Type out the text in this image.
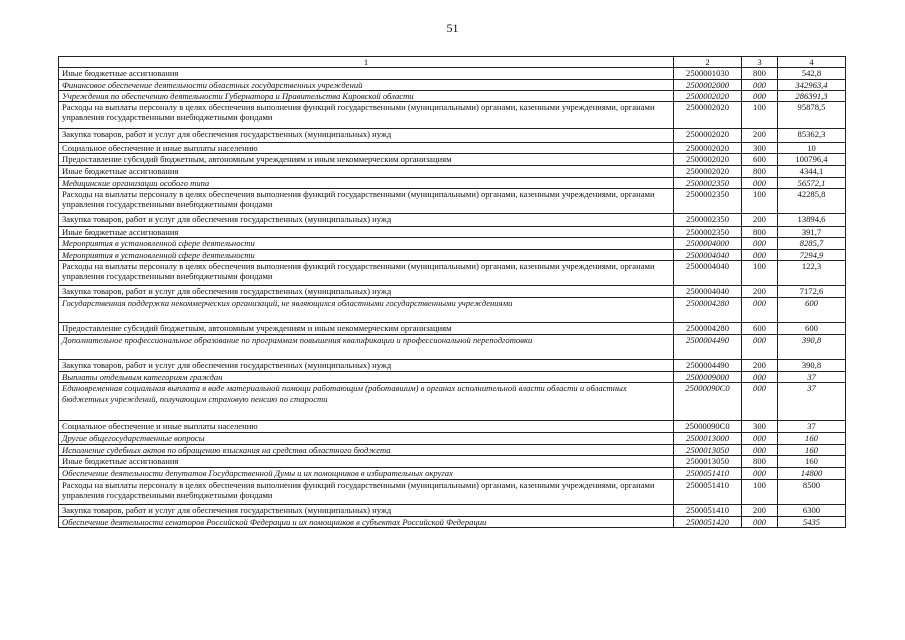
51
1	2	3	4
Иные бюджетные ассигнования	2500001030	800	542,8
Финансовое обеспечение деятельности областных государственных учреждений	2500002000	000	342963,4
Учреждения по обеспечению деятельности Губернатора и Правительства Кировской области	2500002020	000	286391,3
Расходы на выплаты персоналу в целях обеспечения выполнения функций государственными (муниципальными) органами, казенными учреждениями, органами управления государственными внебюджетными фондами	2500002020	100	95878,5
Закупка товаров, работ и услуг для обеспечения государственных (муниципальных) нужд	2500002020	200	85362,3
Социальное обеспечение и иные выплаты населению	2500002020	300	10
Предоставление субсидий бюджетным, автономным учреждениям и иным некоммерческим организациям	2500002020	600	100796,4
Иные бюджетные ассигнования	2500002020	800	4344,1
Медицинские организации особого типа	2500002350	000	56572,1
Расходы на выплаты персоналу в целях обеспечения выполнения функций государственными (муниципальными) органами, казенными учреждениями, органами управления государственными внебюджетными фондами	2500002350	100	42285,8
Закупка товаров, работ и услуг для обеспечения государственных (муниципальных) нужд	2500002350	200	13894,6
Иные бюджетные ассигнования	2500002350	800	391,7
Мероприятия в установленной сфере деятельности	2500004000	000	8285,7
Мероприятия в установленной сфере деятельности	2500004040	000	7294,9
Расходы на выплаты персоналу в целях обеспечения выполнения функций государственными (муниципальными) органами, казенными учреждениями, органами управления государственными внебюджетными фондами	2500004040	100	122,3
Закупка товаров, работ и услуг для обеспечения государственных (муниципальных) нужд	2500004040	200	7172,6
Государственная поддержка некоммерческих организаций, не являющихся областными государственными учреждениями	2500004280	000	600
Предоставление субсидий бюджетным, автономным учреждениям и иным некоммерческим организациям	2500004280	600	600
Дополнительное профессиональное образование по программам повышения квалификации и профессиональной переподготовки	2500004490	000	390,8
Закупка товаров, работ и услуг для обеспечения государственных (муниципальных) нужд	2500004490	200	390,8
Выплаты отдельным категориям граждан	2500009000	000	37
Единовременная социальная выплата в виде материальной помощи работающим (работавшим) в органах исполнительной власти области и областных бюджетных учреждений, получающим страховую пенсию по старости	25000090С0	000	37
Социальное обеспечение и иные выплаты населению	25000090С0	300	37
Другие общегосударственные вопросы	2500013000	000	160
Исполнение судебных актов по обращению взыскания на средства областного бюджета	2500013050	000	160
Иные бюджетные ассигнования	2500013050	800	160
Обеспечение деятельности депутатов Государственной Думы и их помощников в избирательных округах	2500051410	000	14800
Расходы на выплаты персоналу в целях обеспечения выполнения функций государственными (муниципальными) органами, казенными учреждениями, органами управления государственными внебюджетными фондами	2500051410	100	8500
Закупка товаров, работ и услуг для обеспечения государственных (муниципальных) нужд	2500051410	200	6300
Обеспечение деятельности сенаторов Российской Федерации и их помощников в субъектах Российской Федерации	2500051420	000	5435
